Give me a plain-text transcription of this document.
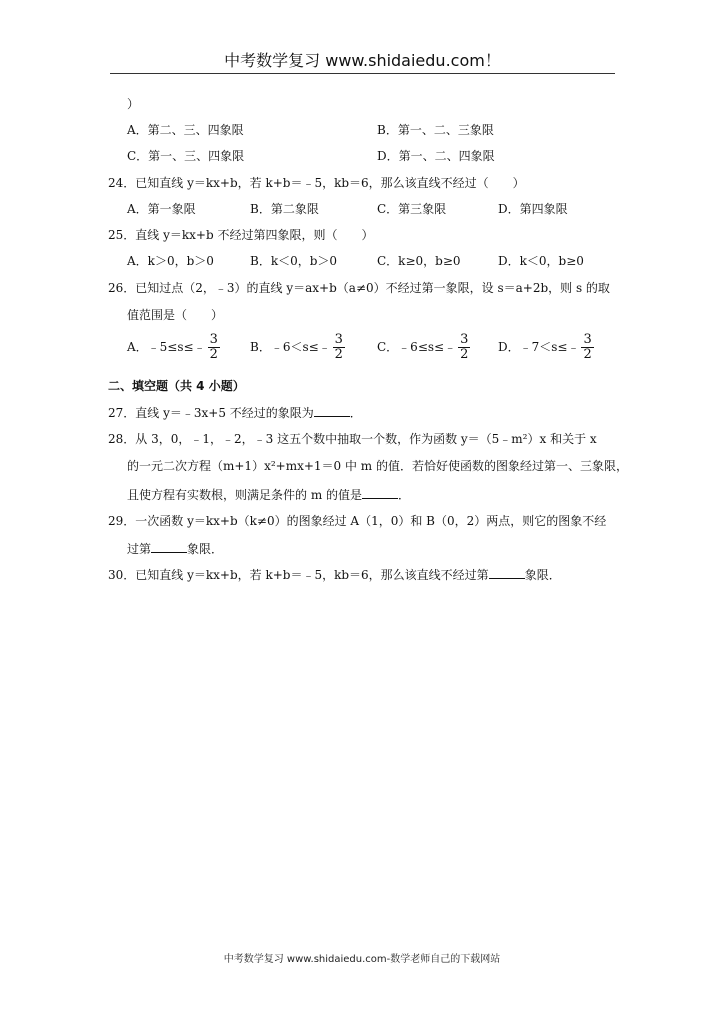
中考数学复习 www.shidaiedu.com！
）
A．第二、三、四象限	B．第一、二、三象限
C．第一、三、四象限	D．第一、二、四象限
24．已知直线 y＝kx+b，若 k+b＝﹣5，kb＝6，那么该直线不经过（　　）
A．第一象限	B．第二象限	C．第三象限	D．第四象限
25．直线 y＝kx+b 不经过第四象限，则（　　）
A．k＞0，b＞0	B．k＜0，b＞0	C．k≥0，b≥0	D．k＜0，b≥0
26．已知过点（2，﹣3）的直线 y＝ax+b（a≠0）不经过第一象限，设 s＝a+2b，则 s 的取
值范围是（　　）
A．﹣5≤s≤﹣ $\frac{3}{2}$	B．﹣6＜s≤﹣ $\frac{3}{2}$	C．﹣6≤s≤﹣ $\frac{3}{2}$ D．﹣7＜s≤﹣ $\frac{3}{2}$
二、填空题（共 4 小题）
27．直线 y＝﹣3x+5 不经过的象限为	．
28．从 3，0，﹣1，﹣2，﹣3 这五个数中抽取一个数，作为函数 y＝（5﹣m²）x 和关于 x
的一元二次方程（m+1）x²+mx+1＝0 中 m 的值．若恰好使函数的图象经过第一、三象限，
且使方程有实数根，则满足条件的 m 的值是	．
29．一次函数 y＝kx+b（k≠0）的图象经过 A（1，0）和 B（0，2）两点，则它的图象不经
过第	象限．
30．已知直线 y＝kx+b，若 k+b＝﹣5，kb＝6，那么该直线不经过第	象限．
中考数学复习 www.shidaiedu.com-数学老师自己的下载网站
